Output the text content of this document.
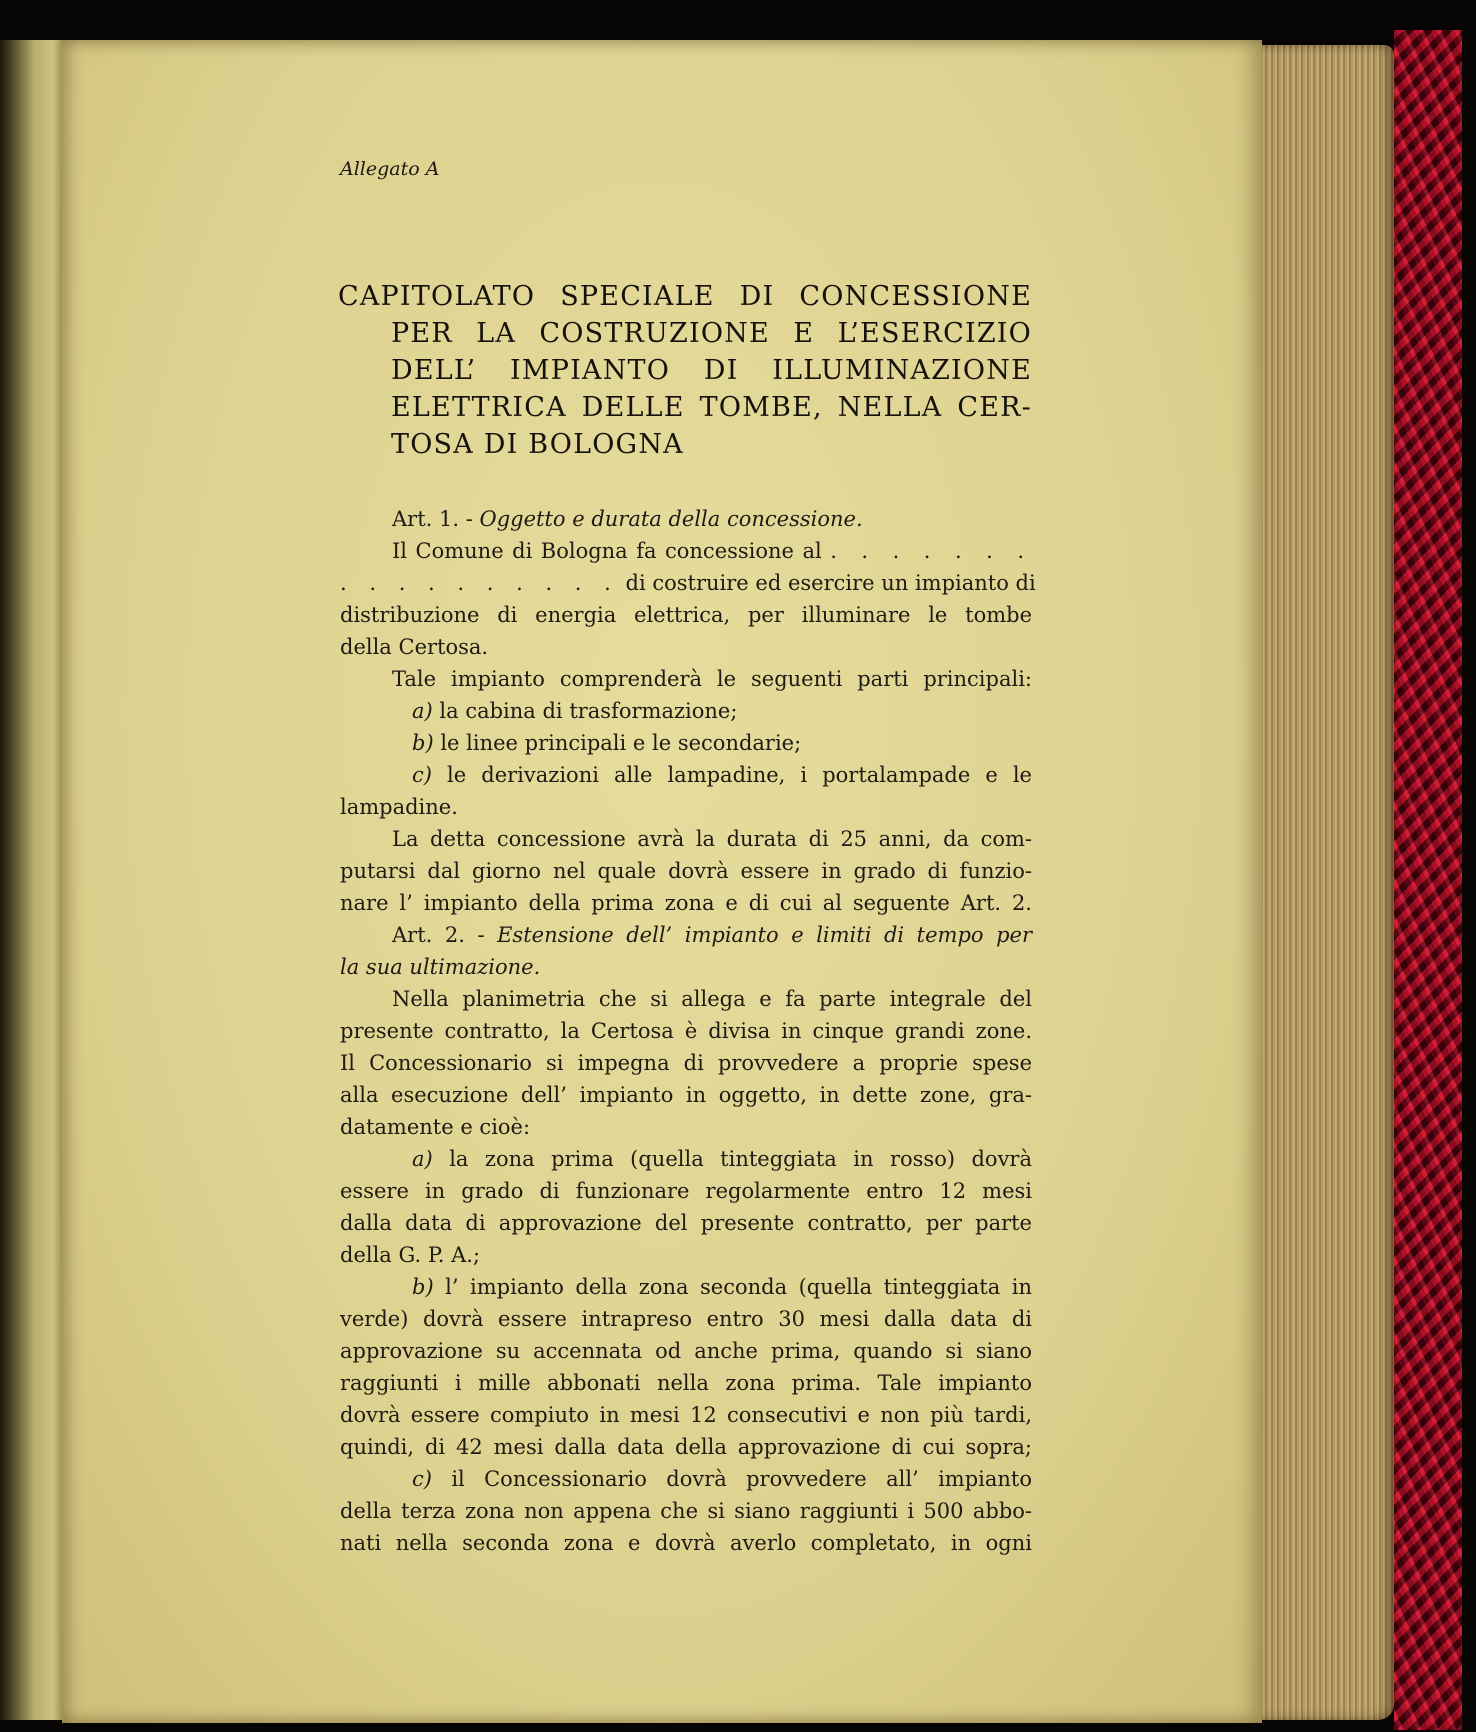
Allegato A
CAPITOLATO SPECIALE DI CONCESSIONE
PER LA COSTRUZIONE E L’ESERCIZIO
DELL’ IMPIANTO DI ILLUMINAZIONE
ELETTRICA DELLE TOMBE, NELLA CER-
TOSA DI BOLOGNA
Art. 1. - Oggetto e durata della concessione.
Il Comune di Bologna fa concessione al . . . . . . .
. . . . . . . . . . di costruire ed esercire un impianto di
distribuzione di energia elettrica, per illuminare le tombe
della Certosa.
Tale impianto comprenderà le seguenti parti principali:
a) la cabina di trasformazione;
b) le linee principali e le secondarie;
c) le derivazioni alle lampadine, i portalampade e le
lampadine.
La detta concessione avrà la durata di 25 anni, da com-
putarsi dal giorno nel quale dovrà essere in grado di funzio-
nare l’ impianto della prima zona e di cui al seguente Art. 2.
Art. 2. - Estensione dell’ impianto e limiti di tempo per
la sua ultimazione.
Nella planimetria che si allega e fa parte integrale del
presente contratto, la Certosa è divisa in cinque grandi zone.
Il Concessionario si impegna di provvedere a proprie spese
alla esecuzione dell’ impianto in oggetto, in dette zone, gra-
datamente e cioè:
a) la zona prima (quella tinteggiata in rosso) dovrà
essere in grado di funzionare regolarmente entro 12 mesi
dalla data di approvazione del presente contratto, per parte
della G. P. A.;
b) l’ impianto della zona seconda (quella tinteggiata in
verde) dovrà essere intrapreso entro 30 mesi dalla data di
approvazione su accennata od anche prima, quando si siano
raggiunti i mille abbonati nella zona prima. Tale impianto
dovrà essere compiuto in mesi 12 consecutivi e non più tardi,
quindi, di 42 mesi dalla data della approvazione di cui sopra;
c) il Concessionario dovrà provvedere all’ impianto
della terza zona non appena che si siano raggiunti i 500 abbo-
nati nella seconda zona e dovrà averlo completato, in ogni
